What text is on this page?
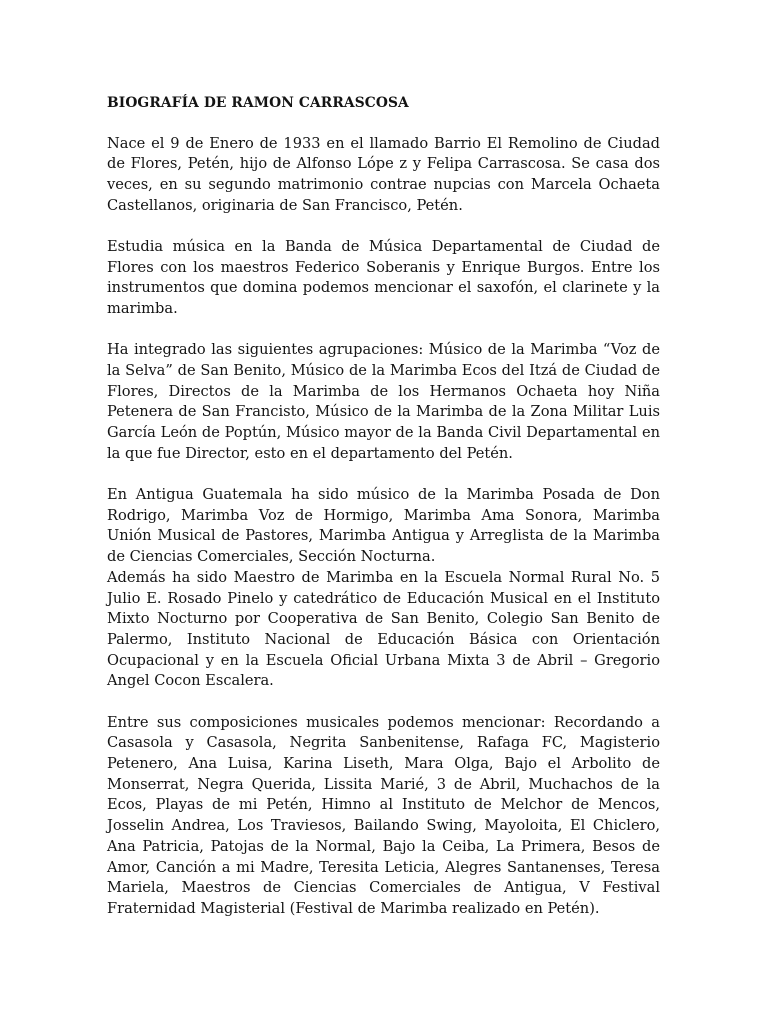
BIOGRAFÍA DE RAMON CARRASCOSA

Nace el 9 de Enero de 1933 en el llamado Barrio El Remolino de Ciudad de Flores, Petén, hijo de Alfonso Lópe z y Felipa Carrascosa. Se casa dos veces, en su segundo matrimonio contrae nupcias con Marcela Ochaeta Castellanos, originaria de San Francisco, Petén.

Estudia música en la Banda de Música Departamental de Ciudad de Flores con los maestros Federico Soberanis y Enrique Burgos. Entre los instrumentos que domina podemos mencionar el saxofón, el clarinete y la marimba.

Ha integrado las siguientes agrupaciones: Músico de la Marimba “Voz de la Selva” de San Benito, Músico de la Marimba Ecos del Itzá de Ciudad de Flores, Directos de la Marimba de los Hermanos Ochaeta hoy Niña Petenera de San Francisto, Músico de la Marimba de la Zona Militar Luis García León de Poptún, Músico mayor de la Banda Civil Departamental en la que fue Director, esto en el departamento del Petén.

En Antigua Guatemala ha sido músico de la Marimba Posada de Don Rodrigo, Marimba Voz de Hormigo, Marimba Ama Sonora, Marimba Unión Musical de Pastores, Marimba Antigua y Arreglista de la Marimba de Ciencias Comerciales, Sección Nocturna.

Además ha sido Maestro de Marimba en la Escuela Normal Rural No. 5 Julio E. Rosado Pinelo y catedrático de Educación Musical en el Instituto Mixto Nocturno por Cooperativa de San Benito, Colegio San Benito de Palermo, Instituto Nacional de Educación Básica con Orientación Ocupacional y en la Escuela Oficial Urbana Mixta 3 de Abril – Gregorio Angel Cocon Escalera.

Entre sus composiciones musicales podemos mencionar: Recordando a Casasola y Casasola, Negrita Sanbenitense, Rafaga FC, Magisterio Petenero, Ana Luisa, Karina Liseth, Mara Olga, Bajo el Arbolito de Monserrat, Negra Querida, Lissita Marié, 3 de Abril, Muchachos de la Ecos, Playas de mi Petén, Himno al Instituto de Melchor de Mencos, Josselin Andrea, Los Traviesos, Bailando Swing, Mayoloita, El Chiclero, Ana Patricia, Patojas de la Normal, Bajo la Ceiba, La Primera, Besos de Amor, Canción a mi Madre, Teresita Leticia, Alegres Santanenses, Teresa Mariela, Maestros de Ciencias Comerciales de Antigua, V Festival Fraternidad Magisterial (Festival de Marimba realizado en Petén).
